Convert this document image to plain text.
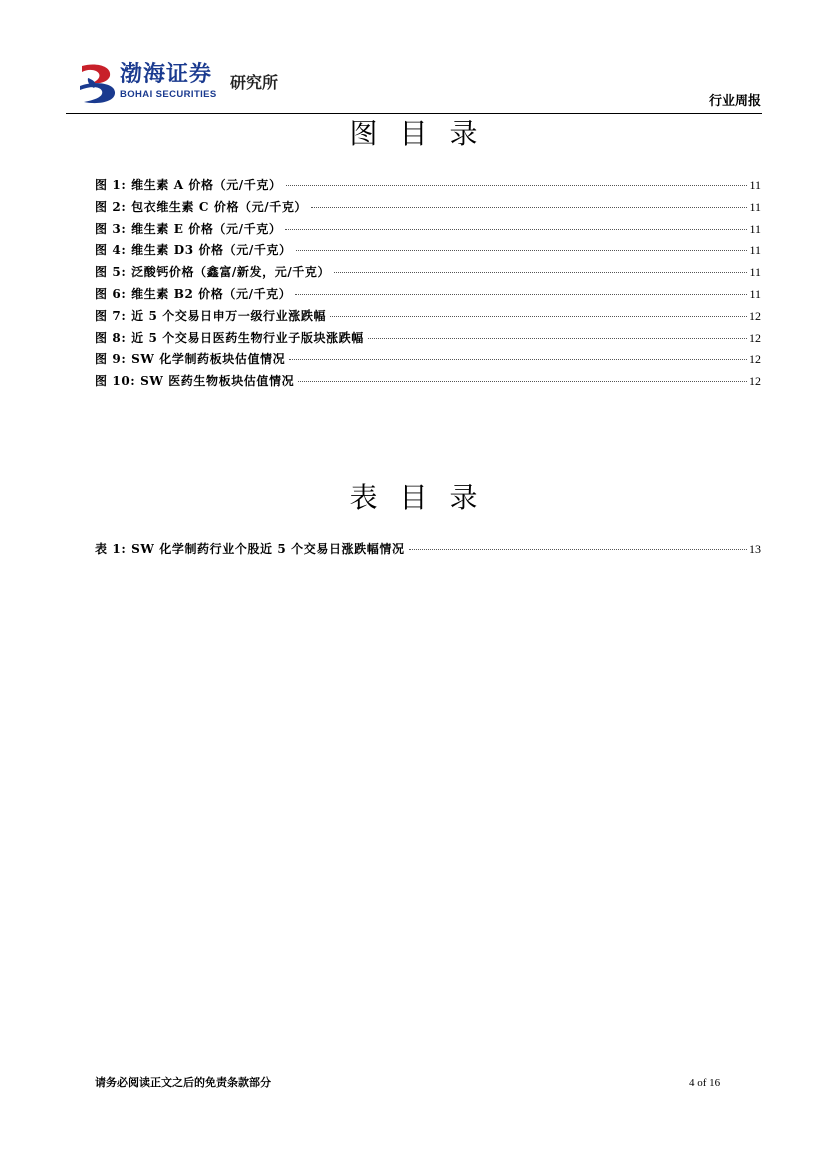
渤海证券
BOHAI SECURITIES
研究所
行业周报
图目录
图 1: 维生素 A 价格（元/千克）	11
图 2: 包衣维生素 C 价格（元/千克）	11
图 3: 维生素 E 价格（元/千克）	11
图 4: 维生素 D3 价格（元/千克）	11
图 5: 泛酸钙价格（鑫富/新发，元/千克）	11
图 6: 维生素 B2 价格（元/千克）	11
图 7: 近 5 个交易日申万一级行业涨跌幅	12
图 8: 近 5 个交易日医药生物行业子版块涨跌幅	12
图 9: SW 化学制药板块估值情况	12
图 10: SW 医药生物板块估值情况	12
表目录
表 1: SW 化学制药行业个股近 5 个交易日涨跌幅情况	13
请务必阅读正文之后的免责条款部分	4 of 16
